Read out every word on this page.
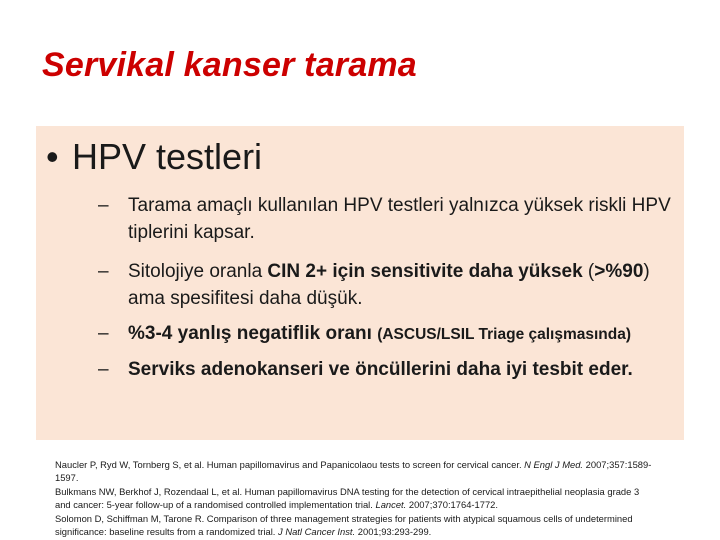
Servikal kanser tarama
• HPV testleri
– Tarama amaçlı kullanılan HPV testleri yalnızca yüksek riskli HPV tiplerini kapsar.
– Sitolojiye oranla CIN 2+ için sensitivite daha yüksek (>%90) ama spesifitesi daha düşük.
– %3-4 yanlış negatiflik oranı (ASCUS/LSIL Triage çalışmasında)
– Serviks adenokanseri ve öncüllerini daha iyi tesbit eder.
Naucler P, Ryd W, Tornberg S, et al. Human papillomavirus and Papanicolaou tests to screen for cervical cancer. N Engl J Med. 2007;357:1589-1597.
Bulkmans NW, Berkhof J, Rozendaal L, et al. Human papillomavirus DNA testing for the detection of cervical intraepithelial neoplasia grade 3 and cancer: 5-year follow-up of a randomised controlled implementation trial. Lancet. 2007;370:1764-1772.
Solomon D, Schiffman M, Tarone R. Comparison of three management strategies for patients with atypical squamous cells of undetermined significance: baseline results from a randomized trial. J Natl Cancer Inst. 2001;93:293-299.
